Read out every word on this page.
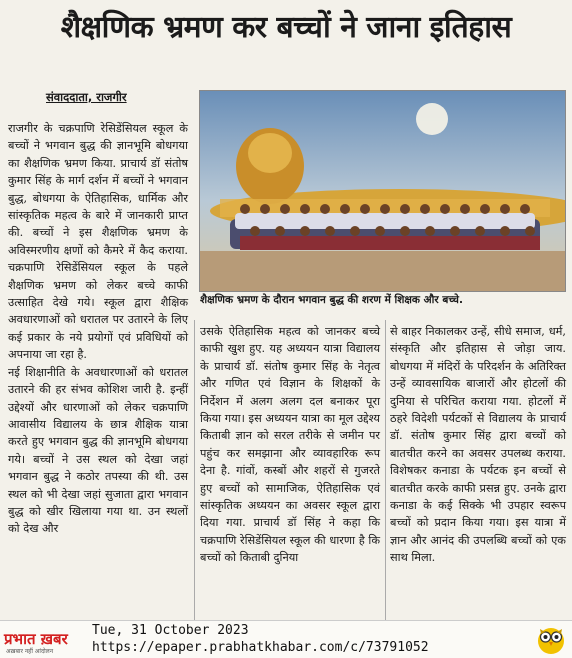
शैक्षणिक भ्रमण कर बच्चों ने जाना इतिहास
संवाददाता, राजगीर

राजगीर के चक्रपाणि रेसिडेंसियल स्कूल के बच्चों ने भगवान बुद्ध की ज्ञानभूमि बोधगया का शैक्षणिक भ्रमण किया. प्राचार्य डॉ संतोष कुमार सिंह के मार्ग दर्शन में बच्चों ने भगवान बुद्ध, बोधगया के ऐतिहासिक, धार्मिक और सांस्कृतिक महत्व के बारे में जानकारी प्राप्त की. बच्चों ने इस शैक्षणिक भ्रमण के अविस्मरणीय क्षणों को कैमरे में कैद कराया. चक्रपाणि रेसिडेंसियल स्कूल के पहले शैक्षणिक भ्रमण को लेकर बच्चे काफी उत्साहित देखे गये। स्कूल द्वारा शैक्षिक अवधारणाओं को धरातल पर उतारने के लिए कई प्रकार के नये प्रयोगों एवं प्रविधियों को अपनाया जा रहा है.

नई शिक्षानीति के अवधारणाओं को धरातल उतारने की हर संभव कोशिश जारी है. इन्हीं उद्देश्यों और धारणाओं को लेकर चक्रपाणि आवासीय विद्यालय के छात्र शैक्षिक यात्रा करते हुए भगवान बुद्ध की ज्ञानभूमि बोधगया गये। बच्चों ने उस स्थल को देखा जहां भगवान बुद्ध ने कठोर तपस्या की थी. उस स्थल को भी देखा जहां सुजाता द्वारा भगवान बुद्ध को खीर खिलाया गया था. उन स्थलों को देख और

शैक्षणिक भ्रमण के दौरान भगवान बुद्ध की शरण में शिक्षक और बच्चे.

उसके ऐतिहासिक महत्व को जानकर बच्चे काफी खुश हुए. यह अध्ययन यात्रा विद्यालय के प्राचार्य डॉ. संतोष कुमार सिंह के नेतृत्व और गणित एवं विज्ञान के शिक्षकों के निर्देशन में अलग अलग दल बनाकर पूरा किया गया। इस अध्ययन यात्रा का मूल उद्देश्य किताबी ज्ञान को सरल तरीके से जमीन पर पहुंच कर समझाना और व्यावहारिक रूप देना है. गांवों, कस्बों और शहरों से गुजरते हुए बच्चों को सामाजिक, ऐतिहासिक एवं सांस्कृतिक अध्ययन का अवसर स्कूल द्वारा दिया गया. प्राचार्य डॉ सिंह ने कहा कि चक्रपाणि रेसिडेंसियल स्कूल की धारणा है कि बच्चों को किताबी दुनिया

से बाहर निकालकर उन्हें, सीधे समाज, धर्म, संस्कृति और इतिहास से जोड़ा जाय. बोधगया में मंदिरों के परिदर्शन के अतिरिक्त उन्हें व्यावसायिक बाजारों और होटलों की दुनिया से परिचित कराया गया. होटलों में ठहरे विदेशी पर्यटकों से विद्यालय के प्राचार्य डॉ. संतोष कुमार सिंह द्वारा बच्चों को बातचीत करने का अवसर उपलब्ध कराया. विशेषकर कनाडा के पर्यटक इन बच्चों से बातचीत करके काफी प्रसन्न हुए. उनके द्वारा कनाडा के कई सिक्के भी उपहार स्वरूप बच्चों को प्रदान किया गया। इस यात्रा में ज्ञान और आनंद की उपलब्धि बच्चों को एक साथ मिला.

प्रभात ख़बर
अख़बार नहीं आंदोलन
Tue, 31 October 2023
https://epaper.prabhatkhabar.com/c/73791052
